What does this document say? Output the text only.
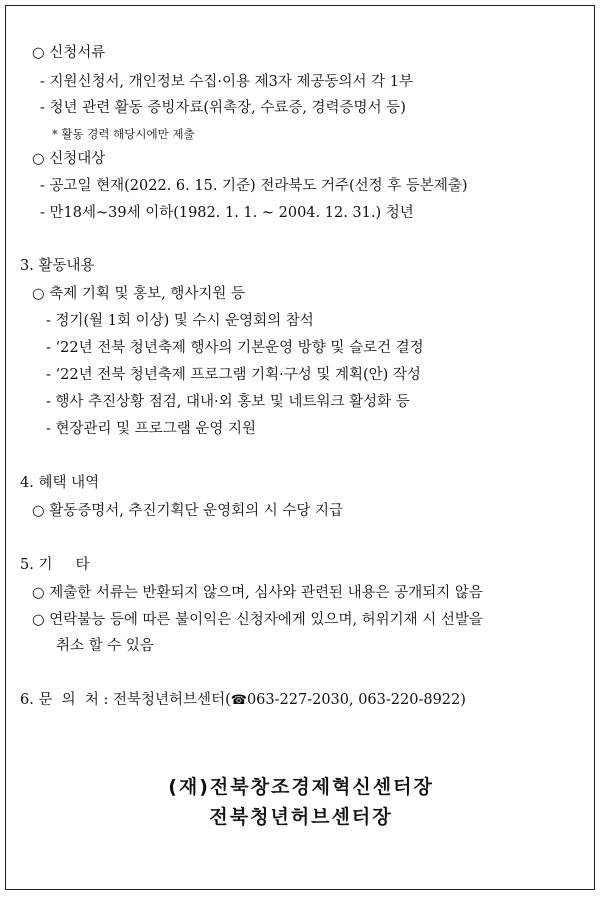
○ 신청서류
- 지원신청서, 개인정보 수집·이용 제3자 제공동의서 각 1부
- 청년 관련 활동 증빙자료(위촉장, 수료증, 경력증명서 등)
* 활동 경력 해당시에만 제출
○ 신청대상
- 공고일 현재(2022. 6. 15. 기준) 전라북도 거주(선정 후 등본제출)
- 만18세~39세 이하(1982. 1. 1. ~ 2004. 12. 31.) 청년
3. 활동내용
○ 축제 기획 및 홍보, 행사지원 등
- 정기(월 1회 이상) 및 수시 운영회의 참석
- ‘22년 전북 청년축제 행사의 기본운영 방향 및 슬로건 결정
- ‘22년 전북 청년축제 프로그램 기획·구성 및 계획(안) 작성
- 행사 추진상황 점검, 대내·외 홍보 및 네트워크 활성화 등
- 현장관리 및 프로그램 운영 지원
4. 혜택 내역
○ 활동증명서, 추진기획단 운영회의 시 수당 지급
5. 기     타
○ 제출한 서류는 반환되지 않으며, 심사와 관련된 내용은 공개되지 않음
○ 연락불능 등에 따른 불이익은 신청자에게 있으며, 허위기재 시 선발을
취소 할 수 있음
6. 문  의  처 : 전북청년허브센터(☎063-227-2030, 063-220-8922)
(재)전북창조경제혁신센터장
전북청년허브센터장
